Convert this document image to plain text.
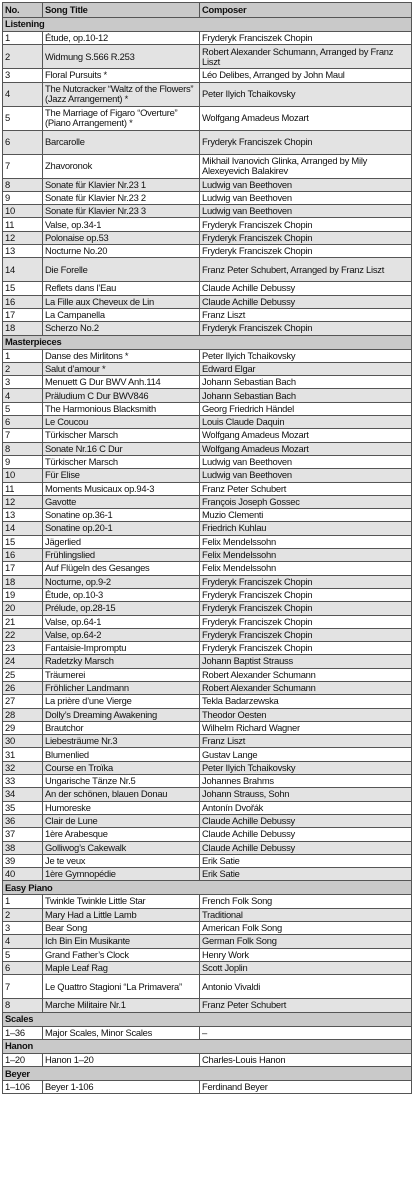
No.	Song Title	Composer
Listening		
1	Étude, op.10-12	Fryderyk Franciszek Chopin
2	Widmung S.566 R.253	Robert Alexander Schumann, Arranged by Franz Liszt
3	Floral Pursuits *	Léo Delibes, Arranged by John Maul
4	The Nutcracker “Waltz of the Flowers” (Jazz Arrangement) *	Peter Ilyich Tchaikovsky
5	The Marriage of Figaro “Overture” (Piano Arrangement) *	Wolfgang Amadeus Mozart
6	Barcarolle	Fryderyk Franciszek Chopin
7	Zhavoronok	Mikhail Ivanovich Glinka, Arranged by Mily Alexeyevich Balakirev
8	Sonate für Klavier Nr.23 1	Ludwig van Beethoven
9	Sonate für Klavier Nr.23 2	Ludwig van Beethoven
10	Sonate für Klavier Nr.23 3	Ludwig van Beethoven
11	Valse, op.34-1	Fryderyk Franciszek Chopin
12	Polonaise op.53	Fryderyk Franciszek Chopin
13	Nocturne No.20	Fryderyk Franciszek Chopin
14	Die Forelle	Franz Peter Schubert, Arranged by Franz Liszt
15	Reflets dans l’Eau	Claude Achille Debussy
16	La Fille aux Cheveux de Lin	Claude Achille Debussy
17	La Campanella	Franz Liszt
18	Scherzo No.2	Fryderyk Franciszek Chopin
Masterpieces		
1	Danse des Mirlitons *	Peter Ilyich Tchaikovsky
2	Salut d’amour *	Edward Elgar
3	Menuett G Dur BWV Anh.114	Johann Sebastian Bach
4	Präludium C Dur BWV846	Johann Sebastian Bach
5	The Harmonious Blacksmith	Georg Friedrich Händel
6	Le Coucou	Louis Claude Daquin
7	Türkischer Marsch	Wolfgang Amadeus Mozart
8	Sonate Nr.16 C Dur	Wolfgang Amadeus Mozart
9	Türkischer Marsch	Ludwig van Beethoven
10	Für Elise	Ludwig van Beethoven
11	Moments Musicaux op.94-3	Franz Peter Schubert
12	Gavotte	François Joseph Gossec
13	Sonatine op.36-1	Muzio Clementi
14	Sonatine op.20-1	Friedrich Kuhlau
15	Jägerlied	Felix Mendelssohn
16	Frühlingslied	Felix Mendelssohn
17	Auf Flügeln des Gesanges	Felix Mendelssohn
18	Nocturne, op.9-2	Fryderyk Franciszek Chopin
19	Étude, op.10-3	Fryderyk Franciszek Chopin
20	Prélude, op.28-15	Fryderyk Franciszek Chopin
21	Valse, op.64-1	Fryderyk Franciszek Chopin
22	Valse, op.64-2	Fryderyk Franciszek Chopin
23	Fantaisie-Impromptu	Fryderyk Franciszek Chopin
24	Radetzky Marsch	Johann Baptist Strauss
25	Träumerei	Robert Alexander Schumann
26	Fröhlicher Landmann	Robert Alexander Schumann
27	La prière d’une Vierge	Tekla Badarzewska
28	Dolly’s Dreaming Awakening	Theodor Oesten
29	Brautchor	Wilhelm Richard Wagner
30	Liebesträume Nr.3	Franz Liszt
31	Blumenlied	Gustav Lange
32	Course en Troïka	Peter Ilyich Tchaikovsky
33	Ungarische Tänze Nr.5	Johannes Brahms
34	An der schönen, blauen Donau	Johann Strauss, Sohn
35	Humoreske	Antonín Dvořák
36	Clair de Lune	Claude Achille Debussy
37	1ère Arabesque	Claude Achille Debussy
38	Golliwog’s Cakewalk	Claude Achille Debussy
39	Je te veux	Erik Satie
40	1ère Gymnopédie	Erik Satie
Easy Piano		
1	Twinkle Twinkle Little Star	French Folk Song
2	Mary Had a Little Lamb	Traditional
3	Bear Song	American Folk Song
4	Ich Bin Ein Musikante	German Folk Song
5	Grand Father’s Clock	Henry Work
6	Maple Leaf Rag	Scott Joplin
7	Le Quattro Stagioni “La Primavera”	Antonio Vivaldi
8	Marche Militaire Nr.1	Franz Peter Schubert
Scales		
1–36	Major Scales, Minor Scales	–
Hanon		
1–20	Hanon 1–20	Charles-Louis Hanon
Beyer		
1–106	Beyer 1-106	Ferdinand Beyer
